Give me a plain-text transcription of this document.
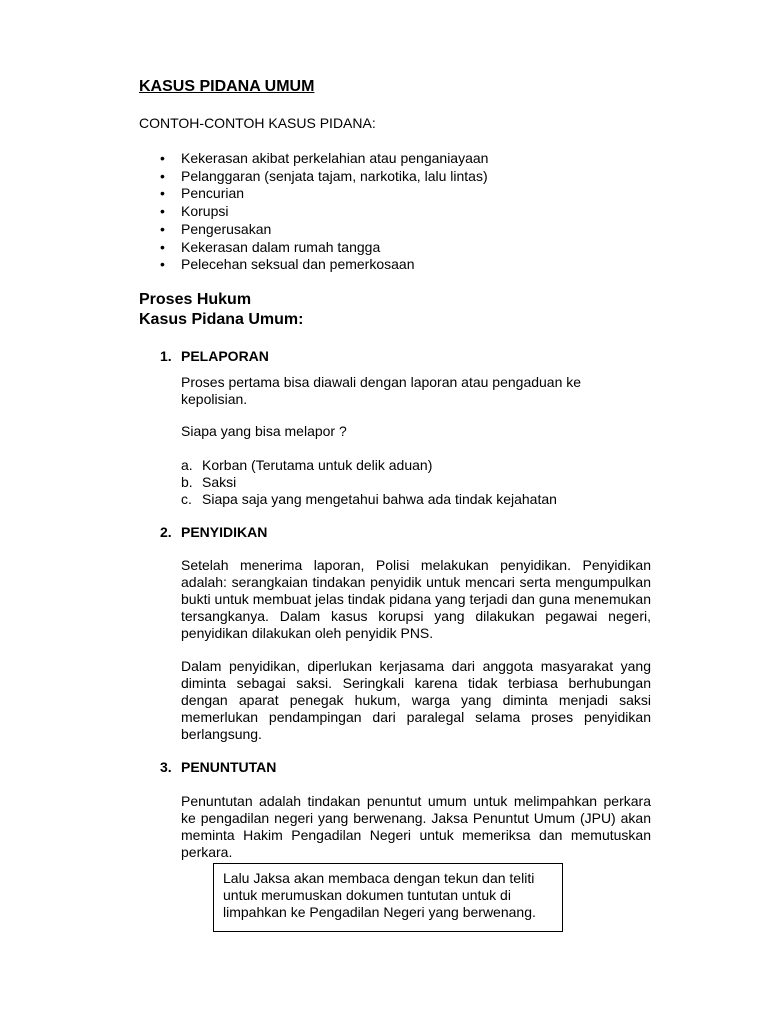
KASUS PIDANA UMUM

CONTOH-CONTOH KASUS PIDANA:

• Kekerasan akibat perkelahian atau penganiayaan
• Pelanggaran (senjata tajam, narkotika, lalu lintas)
• Pencurian
• Korupsi
• Pengerusakan
• Kekerasan dalam rumah tangga
• Pelecehan seksual dan pemerkosaan
Proses Hukum
Kasus Pidana Umum:
1. PELAPORAN

Proses pertama bisa diawali dengan laporan atau pengaduan ke kepolisian.

Siapa yang bisa melapor ?

a. Korban (Terutama untuk delik aduan)
b. Saksi
c. Siapa saja yang mengetahui bahwa ada tindak kejahatan
2. PENYIDIKAN

Setelah menerima laporan, Polisi melakukan penyidikan. Penyidikan adalah: serangkaian tindakan penyidik untuk mencari serta mengumpulkan bukti untuk membuat jelas tindak pidana yang terjadi dan guna menemukan tersangkanya. Dalam kasus korupsi yang dilakukan pegawai negeri, penyidikan dilakukan oleh penyidik PNS.

Dalam penyidikan, diperlukan kerjasama dari anggota masyarakat yang diminta sebagai saksi. Seringkali karena tidak terbiasa berhubungan dengan aparat penegak hukum, warga yang diminta menjadi saksi memerlukan pendampingan dari paralegal selama proses penyidikan berlangsung.

3. PENUNTUTAN

Penuntutan adalah tindakan penuntut umum untuk melimpahkan perkara ke pengadilan negeri yang berwenang. Jaksa Penuntut Umum (JPU) akan meminta Hakim Pengadilan Negeri untuk memeriksa dan memutuskan perkara.

Lalu Jaksa akan membaca dengan tekun dan teliti untuk merumuskan dokumen tuntutan untuk di limpahkan ke Pengadilan Negeri yang berwenang.
